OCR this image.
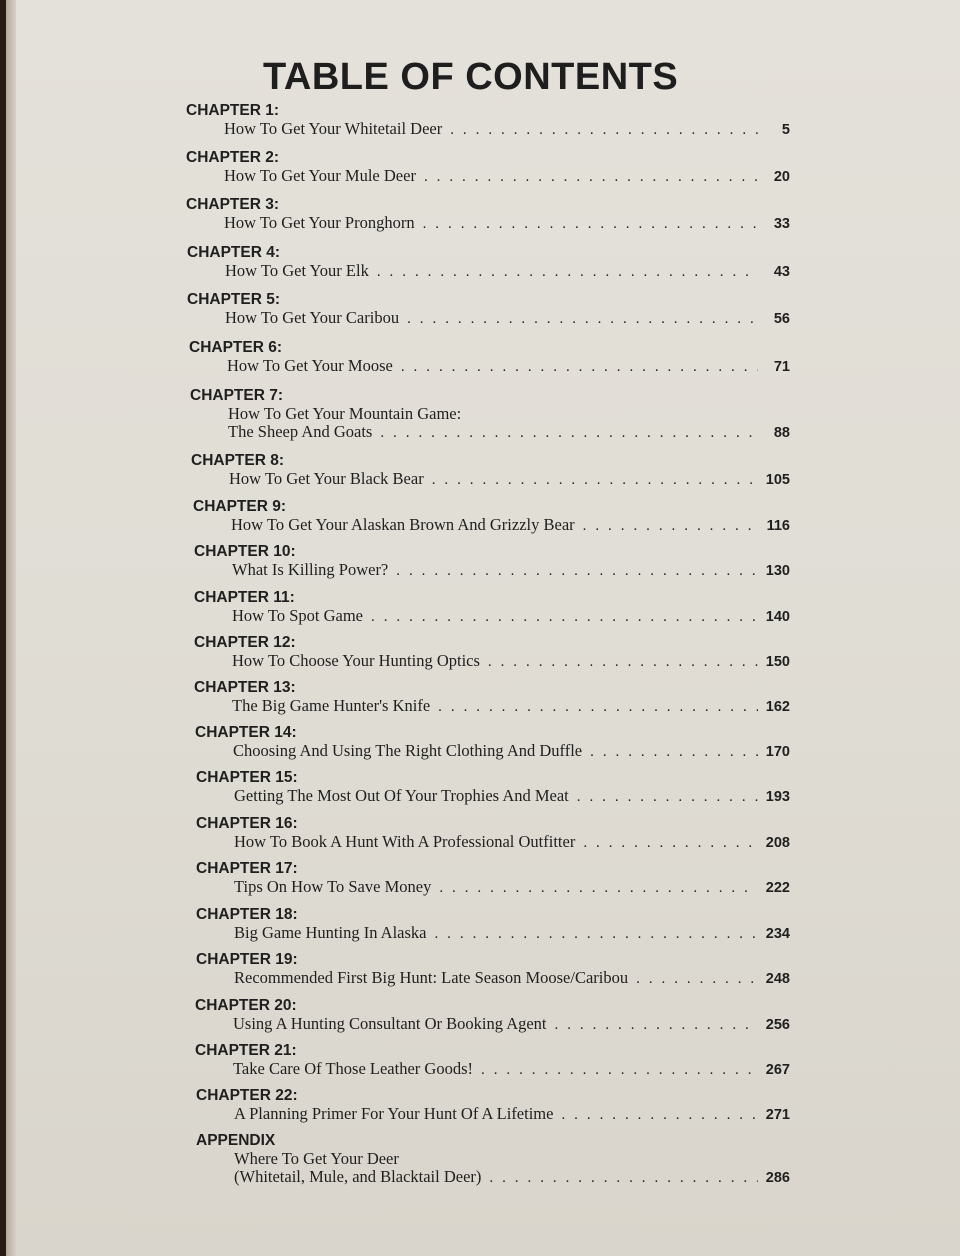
TABLE OF CONTENTS
CHAPTER 1:
How To Get Your Whitetail Deer . . .	5
CHAPTER 2:
How To Get Your Mule Deer . . .	20
CHAPTER 3:
How To Get Your Pronghorn . . .	33
CHAPTER 4:
How To Get Your Elk . . .	43
CHAPTER 5:
How To Get Your Caribou . . .	56
CHAPTER 6:
How To Get Your Moose . . .	71
CHAPTER 7:
How To Get Your Mountain Game:
The Sheep And Goats . . .	88
CHAPTER 8:
How To Get Your Black Bear . . .	105
CHAPTER 9:
How To Get Your Alaskan Brown And Grizzly Bear . . .	116
CHAPTER 10:
What Is Killing Power? . . .	130
CHAPTER 11:
How To Spot Game . . .	140
CHAPTER 12:
How To Choose Your Hunting Optics . . .	150
CHAPTER 13:
The Big Game Hunter's Knife . . .	162
CHAPTER 14:
Choosing And Using The Right Clothing And Duffle . . .	170
CHAPTER 15:
Getting The Most Out Of Your Trophies And Meat . . .	193
CHAPTER 16:
How To Book A Hunt With A Professional Outfitter . . .	208
CHAPTER 17:
Tips On How To Save Money . . .	222
CHAPTER 18:
Big Game Hunting In Alaska . . .	234
CHAPTER 19:
Recommended First Big Hunt: Late Season Moose/Caribou . . .	248
CHAPTER 20:
Using A Hunting Consultant Or Booking Agent . . .	256
CHAPTER 21:
Take Care Of Those Leather Goods! . . .	267
CHAPTER 22:
A Planning Primer For Your Hunt Of A Lifetime . . .	271
APPENDIX
Where To Get Your Deer
(Whitetail, Mule, and Blacktail Deer) . . .	286
